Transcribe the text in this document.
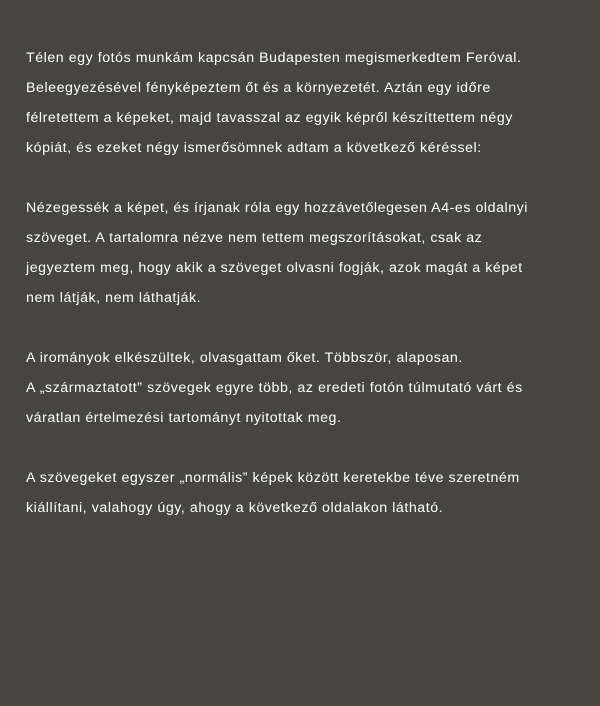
Télen egy fotós munkám kapcsán Budapesten megismerkedtem Feróval.

Beleegyezésével fényképeztem őt és a környezetét. Aztán egy időre

félretettem a képeket, majd tavasszal az egyik képről készíttettem négy

kópiát, és ezeket négy ismerősömnek adtam a következő kéréssel:

Nézegessék a képet, és írjanak róla egy hozzávetőlegesen A4-es oldalnyi

szöveget. A tartalomra nézve nem tettem megszorításokat, csak az

jegyeztem meg, hogy akik a szöveget olvasni fogják, azok magát a képet

nem látják, nem láthatják.

A irományok elkészültek, olvasgattam őket. Többször, alaposan.

A „származtatott” szövegek egyre több, az eredeti fotón túlmutató várt és

váratlan értelmezési tartományt nyitottak meg.

A szövegeket egyszer „normális” képek között keretekbe téve szeretném

kiállítani, valahogy úgy, ahogy a következő oldalakon látható.
